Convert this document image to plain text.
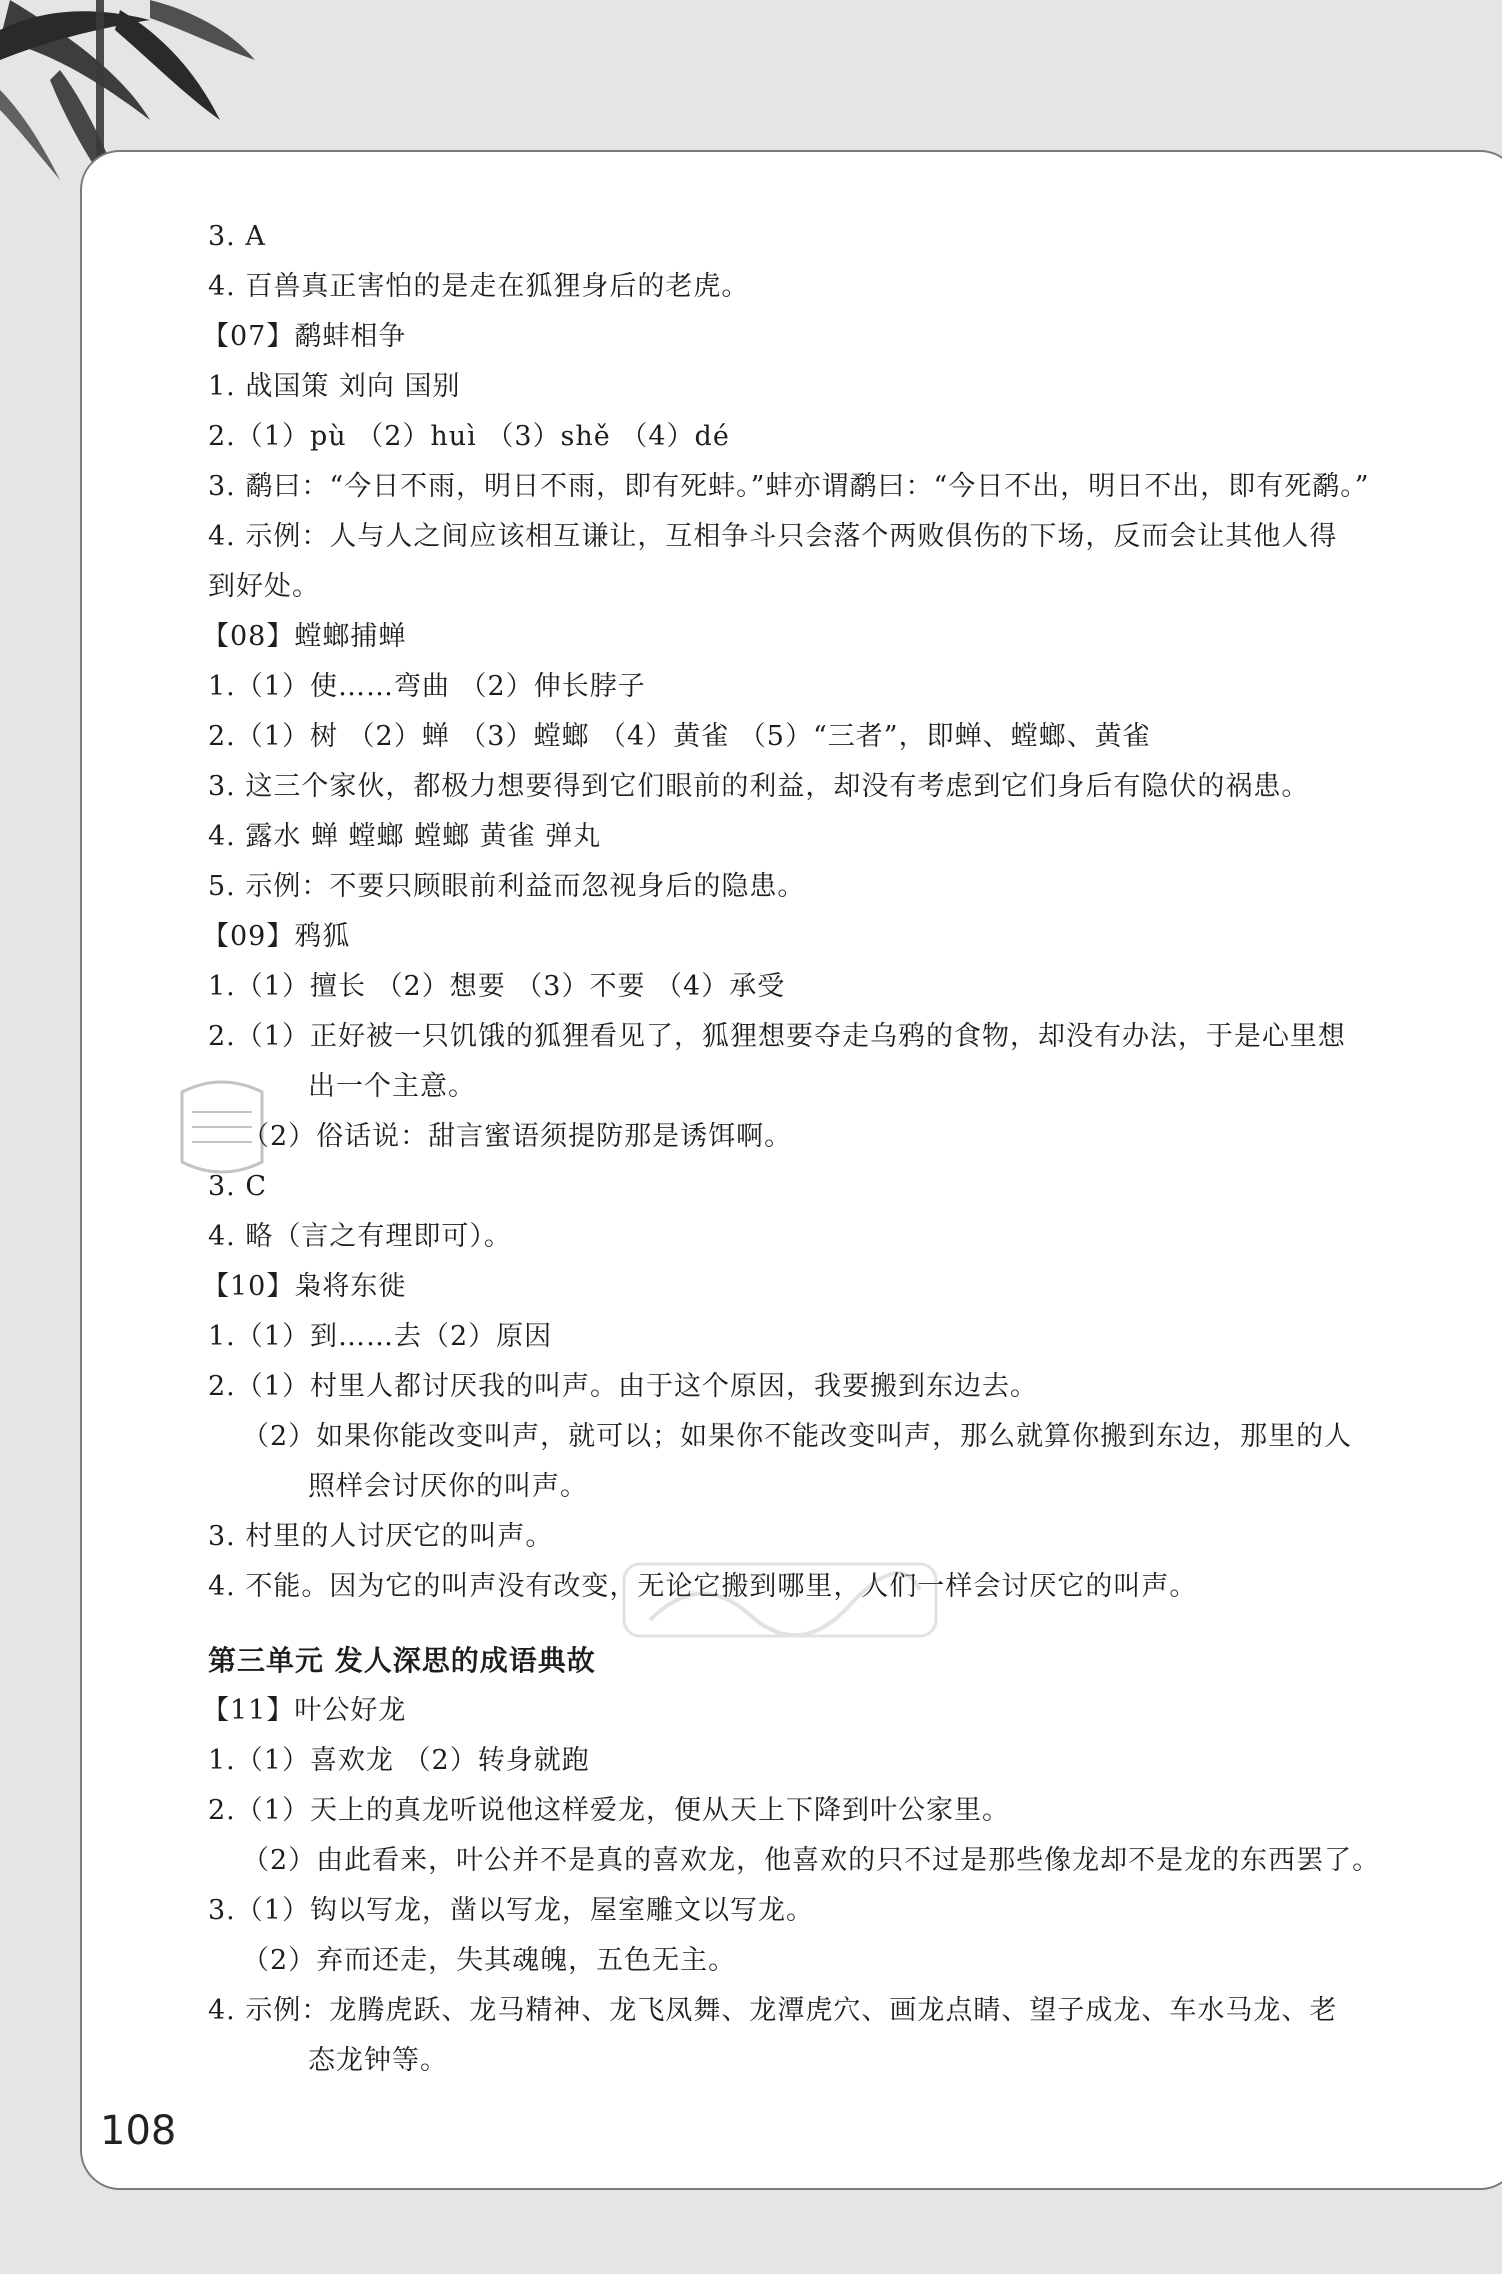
3. A
4. 百兽真正害怕的是走在狐狸身后的老虎。
【07】鹬蚌相争
1. 战国策 刘向 国别
2.（1）pù （2）huì （3）shě （4）dé
3. 鹬曰：“今日不雨，明日不雨，即有死蚌。”蚌亦谓鹬曰：“今日不出，明日不出，即有死鹬。”
4. 示例：人与人之间应该相互谦让，互相争斗只会落个两败俱伤的下场，反而会让其他人得
到好处。
【08】螳螂捕蝉
1.（1）使……弯曲 （2）伸长脖子
2.（1）树 （2）蝉 （3）螳螂 （4）黄雀 （5）“三者”，即蝉、螳螂、黄雀
3. 这三个家伙，都极力想要得到它们眼前的利益，却没有考虑到它们身后有隐伏的祸患。
4. 露水 蝉 螳螂 螳螂 黄雀 弹丸
5. 示例：不要只顾眼前利益而忽视身后的隐患。
【09】鸦狐
1.（1）擅长 （2）想要 （3）不要 （4）承受
2.（1）正好被一只饥饿的狐狸看见了，狐狸想要夺走乌鸦的食物，却没有办法，于是心里想
出一个主意。
（2）俗话说：甜言蜜语须提防那是诱饵啊。
3. C
4. 略（言之有理即可）。
【10】枭将东徙
1.（1）到……去（2）原因
2.（1）村里人都讨厌我的叫声。由于这个原因，我要搬到东边去。
（2）如果你能改变叫声，就可以；如果你不能改变叫声，那么就算你搬到东边，那里的人
照样会讨厌你的叫声。
3. 村里的人讨厌它的叫声。
4. 不能。因为它的叫声没有改变，无论它搬到哪里，人们一样会讨厌它的叫声。
第三单元 发人深思的成语典故
【11】叶公好龙
1.（1）喜欢龙 （2）转身就跑
2.（1）天上的真龙听说他这样爱龙，便从天上下降到叶公家里。
（2）由此看来，叶公并不是真的喜欢龙，他喜欢的只不过是那些像龙却不是龙的东西罢了。
3.（1）钩以写龙，凿以写龙，屋室雕文以写龙。
（2）弃而还走，失其魂魄，五色无主。
4. 示例：龙腾虎跃、龙马精神、龙飞凤舞、龙潭虎穴、画龙点睛、望子成龙、车水马龙、老
态龙钟等。
108
